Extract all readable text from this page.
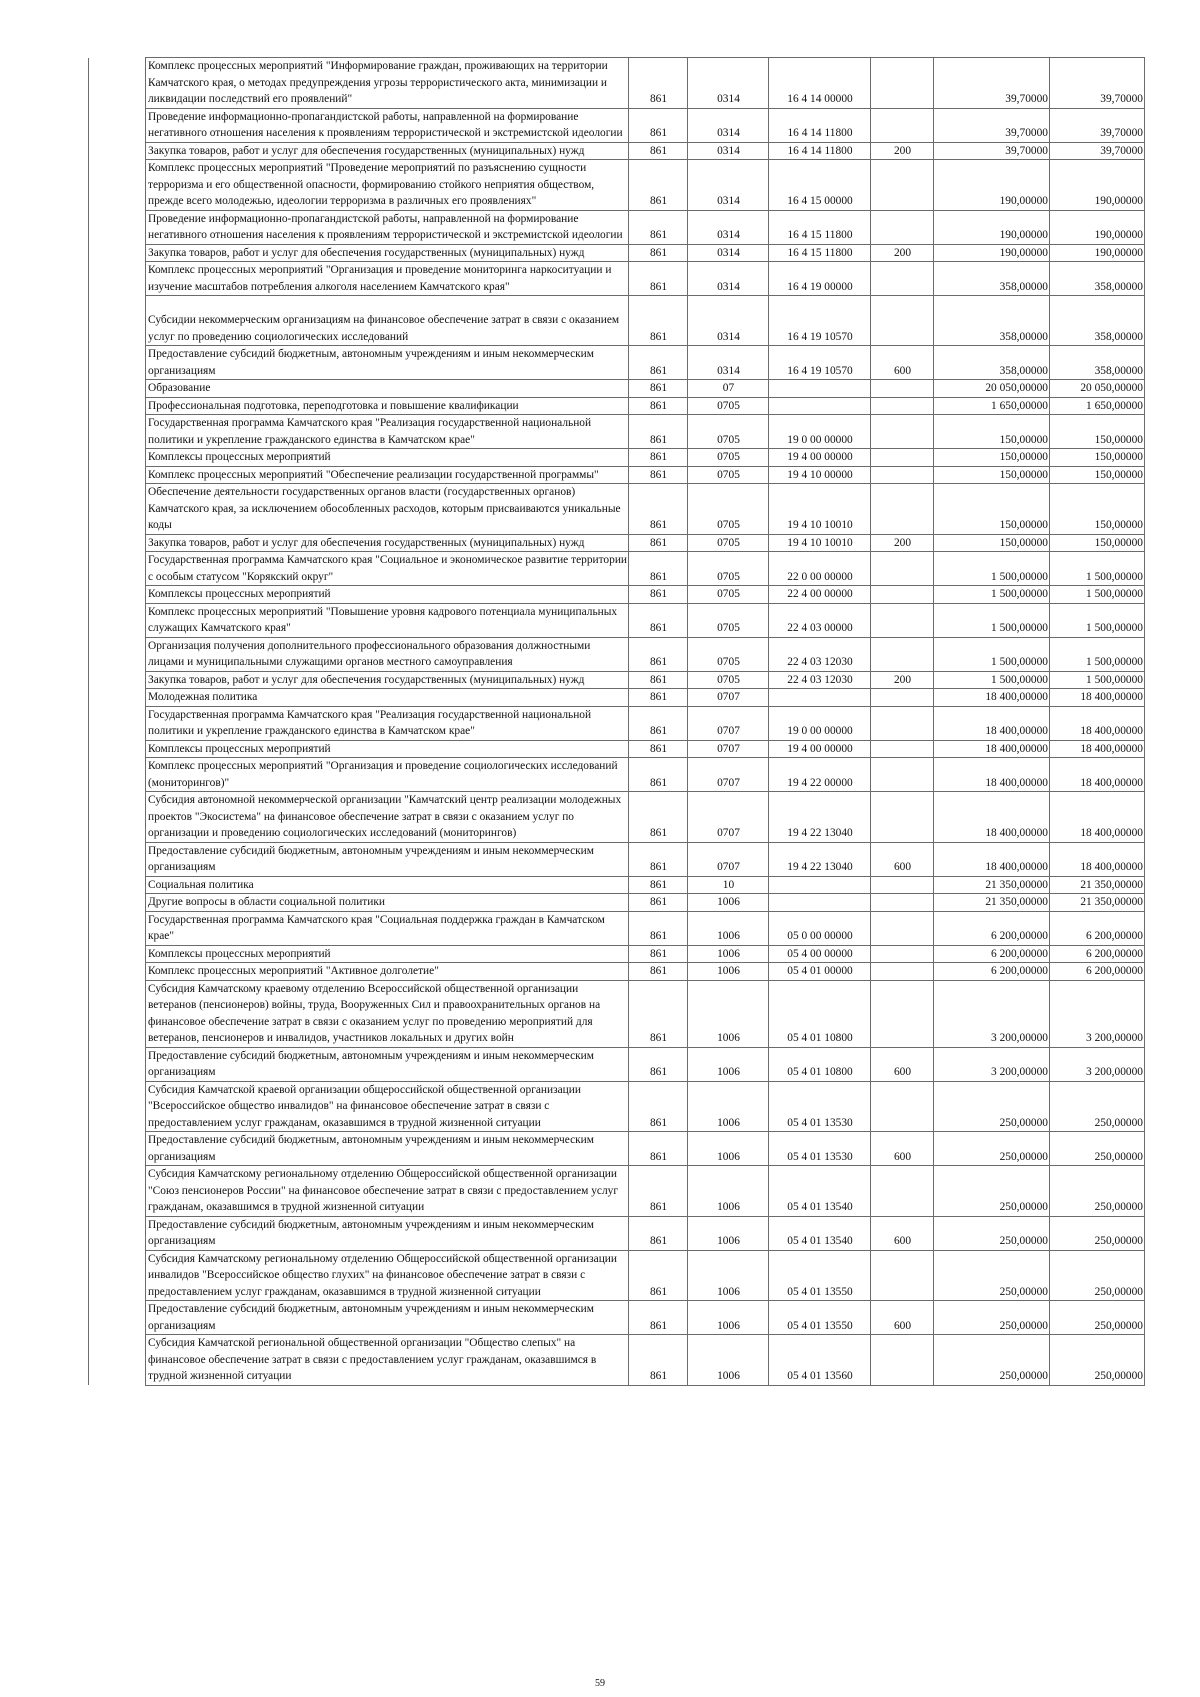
	Комплекс процессных мероприятий "Информирование граждан, проживающих на территории Камчатского края, о методах предупреждения угрозы террористического акта, минимизации и ликвидации последствий его проявлений"	861	0314	16 4 14 00000		39,70000	39,70000
	Проведение информационно-пропагандистской работы, направленной на формирование негативного отношения населения к проявлениям террористической и экстремистской идеологии	861	0314	16 4 14 11800		39,70000	39,70000
	Закупка товаров, работ и услуг для обеспечения государственных (муниципальных) нужд	861	0314	16 4 14 11800	200	39,70000	39,70000
	Комплекс процессных мероприятий "Проведение мероприятий по разъяснению сущности терроризма и его общественной опасности, формированию стойкого неприятия обществом, прежде всего молодежью, идеологии терроризма в различных его проявлениях"	861	0314	16 4 15 00000		190,00000	190,00000
	Проведение информационно-пропагандистской работы, направленной на формирование негативного отношения населения к проявлениям террористической и экстремистской идеологии	861	0314	16 4 15 11800		190,00000	190,00000
	Закупка товаров, работ и услуг для обеспечения государственных (муниципальных) нужд	861	0314	16 4 15 11800	200	190,00000	190,00000
	Комплекс процессных мероприятий "Организация и проведение мониторинга наркоситуации и изучение масштабов потребления алкоголя населением Камчатского края"	861	0314	16 4 19 00000		358,00000	358,00000
	Субсидии некоммерческим организациям на финансовое обеспечение затрат в связи с оказанием услуг по проведению социологических исследований	861	0314	16 4 19 10570		358,00000	358,00000
	Предоставление субсидий бюджетным, автономным учреждениям и иным некоммерческим организациям	861	0314	16 4 19 10570	600	358,00000	358,00000
	Образование	861	07			20 050,00000	20 050,00000
	Профессиональная подготовка, переподготовка и повышение квалификации	861	0705			1 650,00000	1 650,00000
	Государственная программа Камчатского края "Реализация государственной национальной политики и укрепление гражданского единства в Камчатском крае"	861	0705	19 0 00 00000		150,00000	150,00000
	Комплексы процессных мероприятий	861	0705	19 4 00 00000		150,00000	150,00000
	Комплекс процессных мероприятий "Обеспечение реализации государственной программы"	861	0705	19 4 10 00000		150,00000	150,00000
	Обеспечение деятельности государственных органов власти (государственных органов) Камчатского края, за исключением обособленных расходов, которым присваиваются уникальные коды	861	0705	19 4 10 10010		150,00000	150,00000
	Закупка товаров, работ и услуг для обеспечения государственных (муниципальных) нужд	861	0705	19 4 10 10010	200	150,00000	150,00000
	Государственная программа Камчатского края "Социальное и экономическое развитие территории с особым статусом "Корякский округ"	861	0705	22 0 00 00000		1 500,00000	1 500,00000
	Комплексы процессных мероприятий	861	0705	22 4 00 00000		1 500,00000	1 500,00000
	Комплекс процессных мероприятий "Повышение уровня кадрового потенциала муниципальных служащих Камчатского края"	861	0705	22 4 03 00000		1 500,00000	1 500,00000
	Организация получения дополнительного профессионального образования должностными лицами и муниципальными служащими органов местного самоуправления	861	0705	22 4 03 12030		1 500,00000	1 500,00000
	Закупка товаров, работ и услуг для обеспечения государственных (муниципальных) нужд	861	0705	22 4 03 12030	200	1 500,00000	1 500,00000
	Молодежная политика	861	0707			18 400,00000	18 400,00000
	Государственная программа Камчатского края "Реализация государственной национальной политики и укрепление гражданского единства в Камчатском крае"	861	0707	19 0 00 00000		18 400,00000	18 400,00000
	Комплексы процессных мероприятий	861	0707	19 4 00 00000		18 400,00000	18 400,00000
	Комплекс процессных мероприятий "Организация и проведение социологических исследований (мониторингов)"	861	0707	19 4 22 00000		18 400,00000	18 400,00000
	Субсидия автономной некоммерческой организации "Камчатский центр реализации молодежных проектов "Экосистема" на финансовое обеспечение затрат в связи с оказанием услуг по организации и проведению социологических исследований (мониторингов)	861	0707	19 4 22 13040		18 400,00000	18 400,00000
	Предоставление субсидий бюджетным, автономным учреждениям и иным некоммерческим организациям	861	0707	19 4 22 13040	600	18 400,00000	18 400,00000
	Социальная политика	861	10			21 350,00000	21 350,00000
	Другие вопросы в области социальной политики	861	1006			21 350,00000	21 350,00000
	Государственная программа Камчатского края "Социальная поддержка граждан в Камчатском крае"	861	1006	05 0 00 00000		6 200,00000	6 200,00000
	Комплексы процессных мероприятий	861	1006	05 4 00 00000		6 200,00000	6 200,00000
	Комплекс процессных мероприятий "Активное долголетие"	861	1006	05 4 01 00000		6 200,00000	6 200,00000
	Субсидия Камчатскому краевому отделению Всероссийской общественной организации ветеранов (пенсионеров) войны, труда, Вооруженных Сил и правоохранительных органов на финансовое обеспечение затрат в связи с оказанием услуг по проведению мероприятий для ветеранов, пенсионеров и инвалидов, участников локальных и других войн	861	1006	05 4 01 10800		3 200,00000	3 200,00000
	Предоставление субсидий бюджетным, автономным учреждениям и иным некоммерческим организациям	861	1006	05 4 01 10800	600	3 200,00000	3 200,00000
	Субсидия Камчатской краевой организации общероссийской общественной организации "Всероссийское общество инвалидов" на финансовое обеспечение затрат в связи с предоставлением услуг гражданам, оказавшимся в трудной жизненной ситуации	861	1006	05 4 01 13530		250,00000	250,00000
	Предоставление субсидий бюджетным, автономным учреждениям и иным некоммерческим организациям	861	1006	05 4 01 13530	600	250,00000	250,00000
	Субсидия Камчатскому региональному отделению Общероссийской общественной организации "Союз пенсионеров России" на финансовое обеспечение затрат в связи с предоставлением услуг гражданам, оказавшимся в трудной жизненной ситуации	861	1006	05 4 01 13540		250,00000	250,00000
	Предоставление субсидий бюджетным, автономным учреждениям и иным некоммерческим организациям	861	1006	05 4 01 13540	600	250,00000	250,00000
	Субсидия Камчатскому региональному отделению Общероссийской общественной организации инвалидов "Всероссийское общество глухих" на финансовое обеспечение затрат в связи с предоставлением услуг гражданам, оказавшимся в трудной жизненной ситуации	861	1006	05 4 01 13550		250,00000	250,00000
	Предоставление субсидий бюджетным, автономным учреждениям и иным некоммерческим организациям	861	1006	05 4 01 13550	600	250,00000	250,00000
	Субсидия Камчатской региональной общественной организации "Общество слепых" на финансовое обеспечение затрат в связи с предоставлением услуг гражданам, оказавшимся в трудной жизненной ситуации	861	1006	05 4 01 13560		250,00000	250,00000
59
